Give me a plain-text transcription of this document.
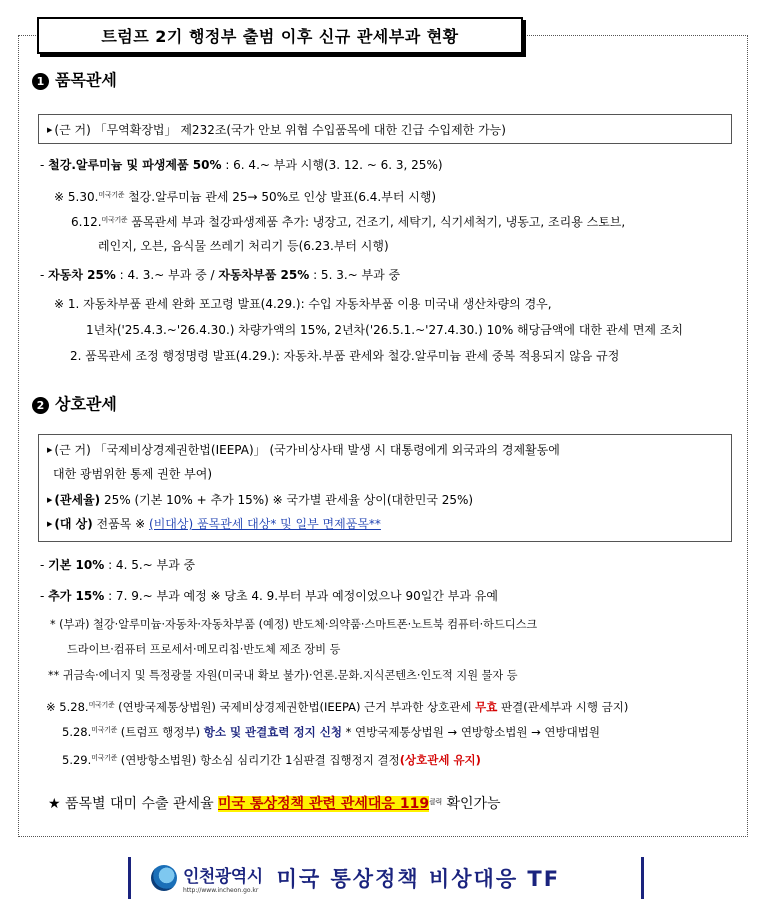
트럼프 2기 행정부 출범 이후 신규 관세부과 현황
1 품목관세
▶ (근 거) 「무역확장법」 제232조(국가 안보 위협 수입품목에 대한 긴급 수입제한 가능)
- 철강.알루미늄 및 파생제품 50% : 6. 4.~ 부과 시행(3. 12. ~ 6. 3, 25%)
※ 5.30.$^{미국기준}$ 철강.알루미늄 관세 25→ 50%로 인상 발표(6.4.부터 시행)
6.12.$^{미국기준}$ 품목관세 부과 철강파생제품 추가: 냉장고, 건조기, 세탁기, 식기세척기, 냉동고, 조리용 스토브,
레인지, 오븐, 음식물 쓰레기 처리기 등(6.23.부터 시행)
- 자동차 25% : 4. 3.~ 부과 중 / 자동차부품 25% : 5. 3.~ 부과 중
※ 1. 자동차부품 관세 완화 포고령 발표(4.29.): 수입 자동차부품 이용 미국내 생산차량의 경우,
1년차('25.4.3.~'26.4.30.) 차량가액의 15%, 2년차('26.5.1.~'27.4.30.) 10% 해당금액에 대한 관세 면제 조치
2. 품목관세 조정 행정명령 발표(4.29.): 자동차.부품 관세와 철강.알루미늄 관세 중복 적용되지 않음 규정
2 상호관세
▶ (근 거) 「국제비상경제권한법(IEEPA)」 (국가비상사태 발생 시 대통령에게 외국과의 경제활동에
대한 광범위한 통제 권한 부여)
▶ (관세율) 25% (기본 10% + 추가 15%) ※ 국가별 관세율 상이(대한민국 25%)
▶ (대 상) 전품목 ※ (비대상) 품목관세 대상* 및 일부 면제품목**
- 기본 10% : 4. 5.~ 부과 중
- 추가 15% : 7. 9.~ 부과 예정 ※ 당초 4. 9.부터 부과 예정이었으나 90일간 부과 유예
* (부과) 철강·알루미늄·자동차·자동차부품 (예정) 반도체·의약품·스마트폰·노트북 컴퓨터·하드디스크
드라이브·컴퓨터 프로세서·메모리칩·반도체 제조 장비 등
** 귀금속·에너지 및 특정광물 자원(미국내 확보 불가)·언론.문화.지식콘텐츠·인도적 지원 물자 등
※ 5.28.$^{미국기준}$ (연방국제통상법원) 국제비상경제권한법(IEEPA) 근거 부과한 상호관세 무효 판결(관세부과 시행 금지)
5.28.$^{미국기준}$ (트럼프 행정부) 항소 및 관결효력 정지 신청 * 연방국제통상법원 → 연방항소법원 → 연방대법원
5.29.$^{미국기준}$ (연방항소법원) 항소심 심리기간 1심판결 집행정지 결정(상호관세 유지)
★ 품목별 대미 수출 관세율 미국 통상정책 관련 관세대응 $119^{클릭}$ 확인가능
인천광역시
http://www.incheon.go.kr 미국 통상정책 비상대응 TF
